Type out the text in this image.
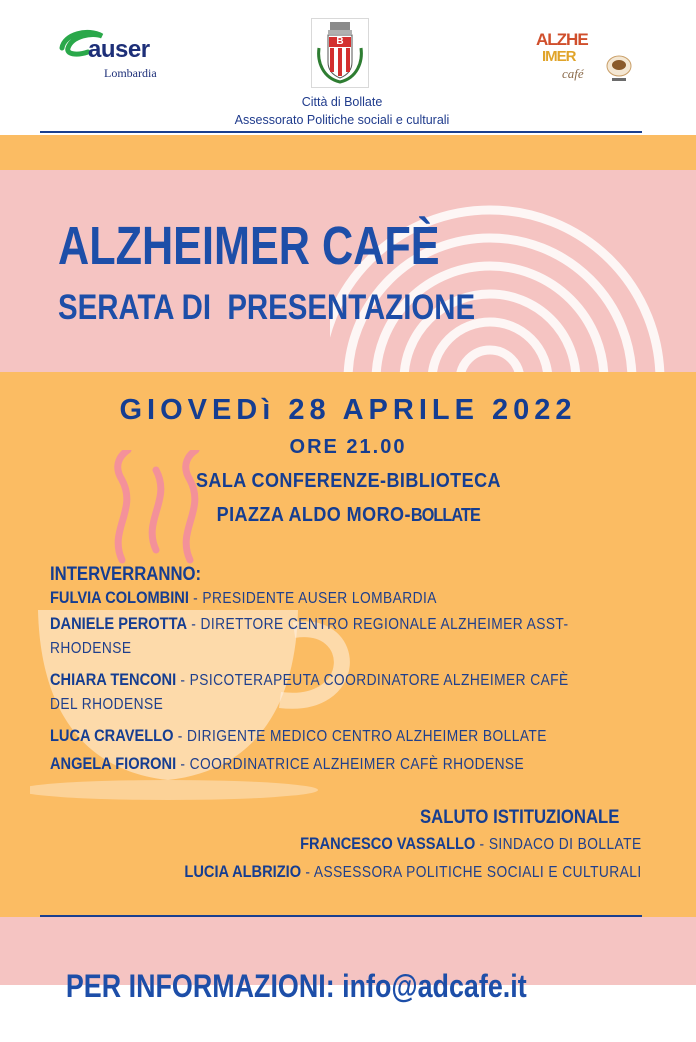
auser
Lombardia
B	ALZHE
IMER
café
Città di Bollate
Assessorato Politiche sociali e culturali
ALZHEIMER CAFÈ
SERATA DI  PRESENTAZIONE
GIOVEDì 28 APRILE 2022
ORE 21.00
SALA CONFERENZE-BIBLIOTECA
PIAZZA ALDO MORO-BOLLATE
INTERVERRANNO:
FULVIA COLOMBINI - PRESIDENTE AUSER LOMBARDIA
DANIELE PEROTTA - DIRETTORE CENTRO REGIONALE ALZHEIMER ASST-
RHODENSE
CHIARA TENCONI - PSICOTERAPEUTA COORDINATORE ALZHEIMER CAFÈ
DEL RHODENSE
LUCA CRAVELLO - DIRIGENTE MEDICO CENTRO ALZHEIMER BOLLATE
ANGELA FIORONI - COORDINATRICE ALZHEIMER CAFÈ RHODENSE
SALUTO ISTITUZIONALE
FRANCESCO VASSALLO - SINDACO DI BOLLATE
LUCIA ALBRIZIO - ASSESSORA POLITICHE SOCIALI E CULTURALI

PER INFORMAZIONI: info@adcafe.it
